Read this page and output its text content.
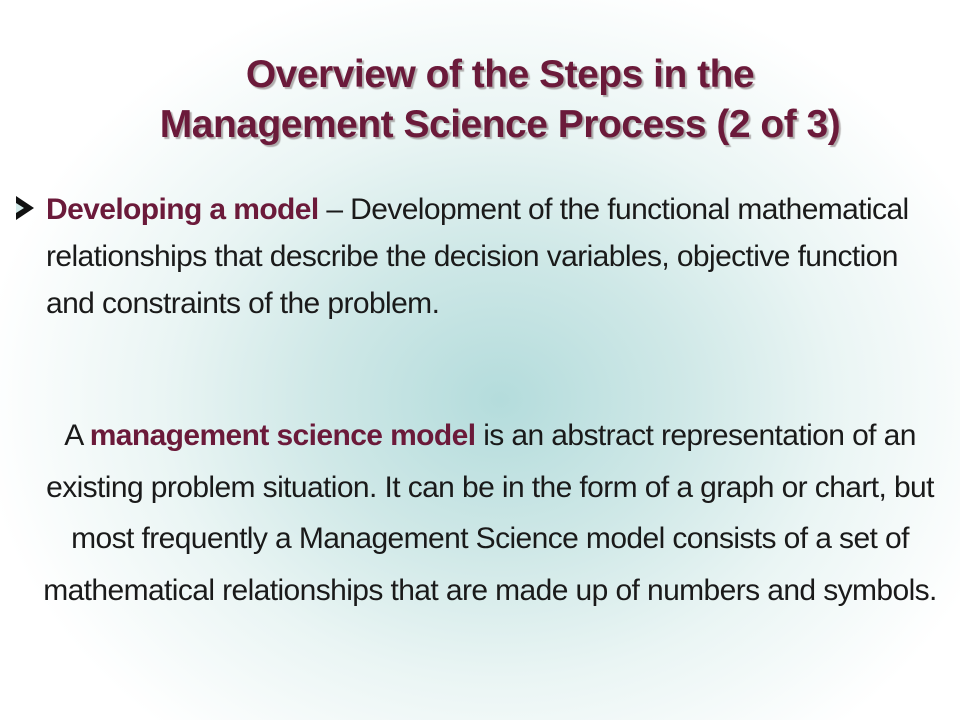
Overview of the Steps in the
Management Science Process (2 of 3)
Developing a model – Development of the functional mathematical relationships that describe the decision variables, objective function and constraints of the problem.
A management science model is an abstract representation of an existing problem situation. It can be in the form of a graph or chart, but most frequently a Management Science model consists of a set of mathematical relationships that are made up of numbers and symbols.
